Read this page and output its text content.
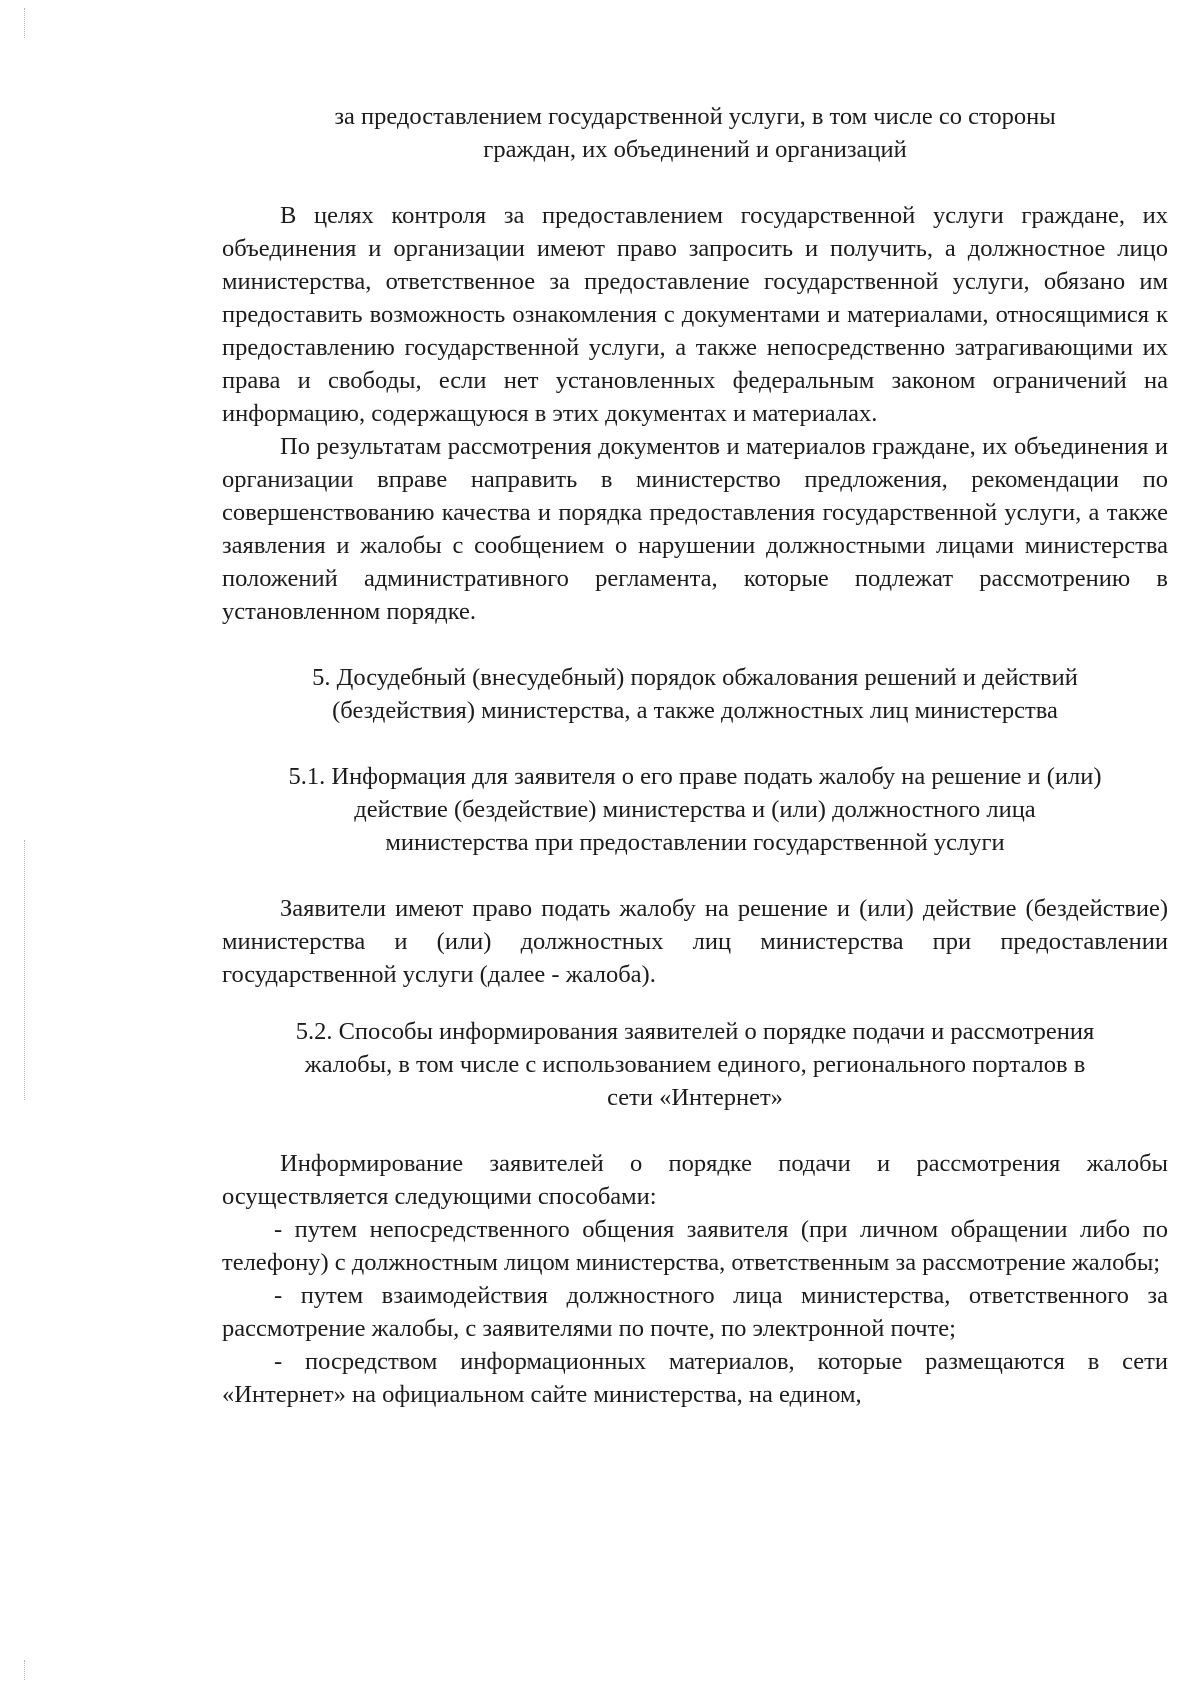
за предоставлением государственной услуги, в том числе со стороны

граждан, их объединений и организаций

В целях контроля за предоставлением государственной услуги граждане, их объединения и организации имеют право запросить и получить, а должностное лицо министерства, ответственное за предоставление государственной услуги, обязано им предоставить возможность ознакомления с документами и материалами, относящимися к предоставлению государственной услуги, а также непосредственно затрагивающими их права и свободы, если нет установленных федеральным законом ограничений на информацию, содержащуюся в этих документах и материалах.

По результатам рассмотрения документов и материалов граждане, их объединения и организации вправе направить в министерство предложения, рекомендации по совершенствованию качества и порядка предоставления государственной услуги, а также заявления и жалобы с сообщением о нарушении должностными лицами министерства положений административного регламента, которые подлежат рассмотрению в установленном порядке.

5. Досудебный (внесудебный) порядок обжалования решений и действий

(бездействия) министерства, а также должностных лиц министерства

5.1. Информация для заявителя о его праве подать жалобу на решение и (или)

действие (бездействие) министерства и (или) должностного лица

министерства при предоставлении государственной услуги

Заявители имеют право подать жалобу на решение и (или) действие (бездействие) министерства и (или) должностных лиц министерства при предоставлении государственной услуги (далее - жалоба).

5.2. Способы информирования заявителей о порядке подачи и рассмотрения

жалобы, в том числе с использованием единого, регионального порталов в

сети «Интернет»

Информирование заявителей о порядке подачи и рассмотрения жалобы осуществляется следующими способами:

- путем непосредственного общения заявителя (при личном обращении либо по телефону) с должностным лицом министерства, ответственным за рассмотрение жалобы;

- путем взаимодействия должностного лица министерства, ответственного за рассмотрение жалобы, с заявителями по почте, по электронной почте;

- посредством информационных материалов, которые размещаются в сети «Интернет» на официальном сайте министерства, на едином,
